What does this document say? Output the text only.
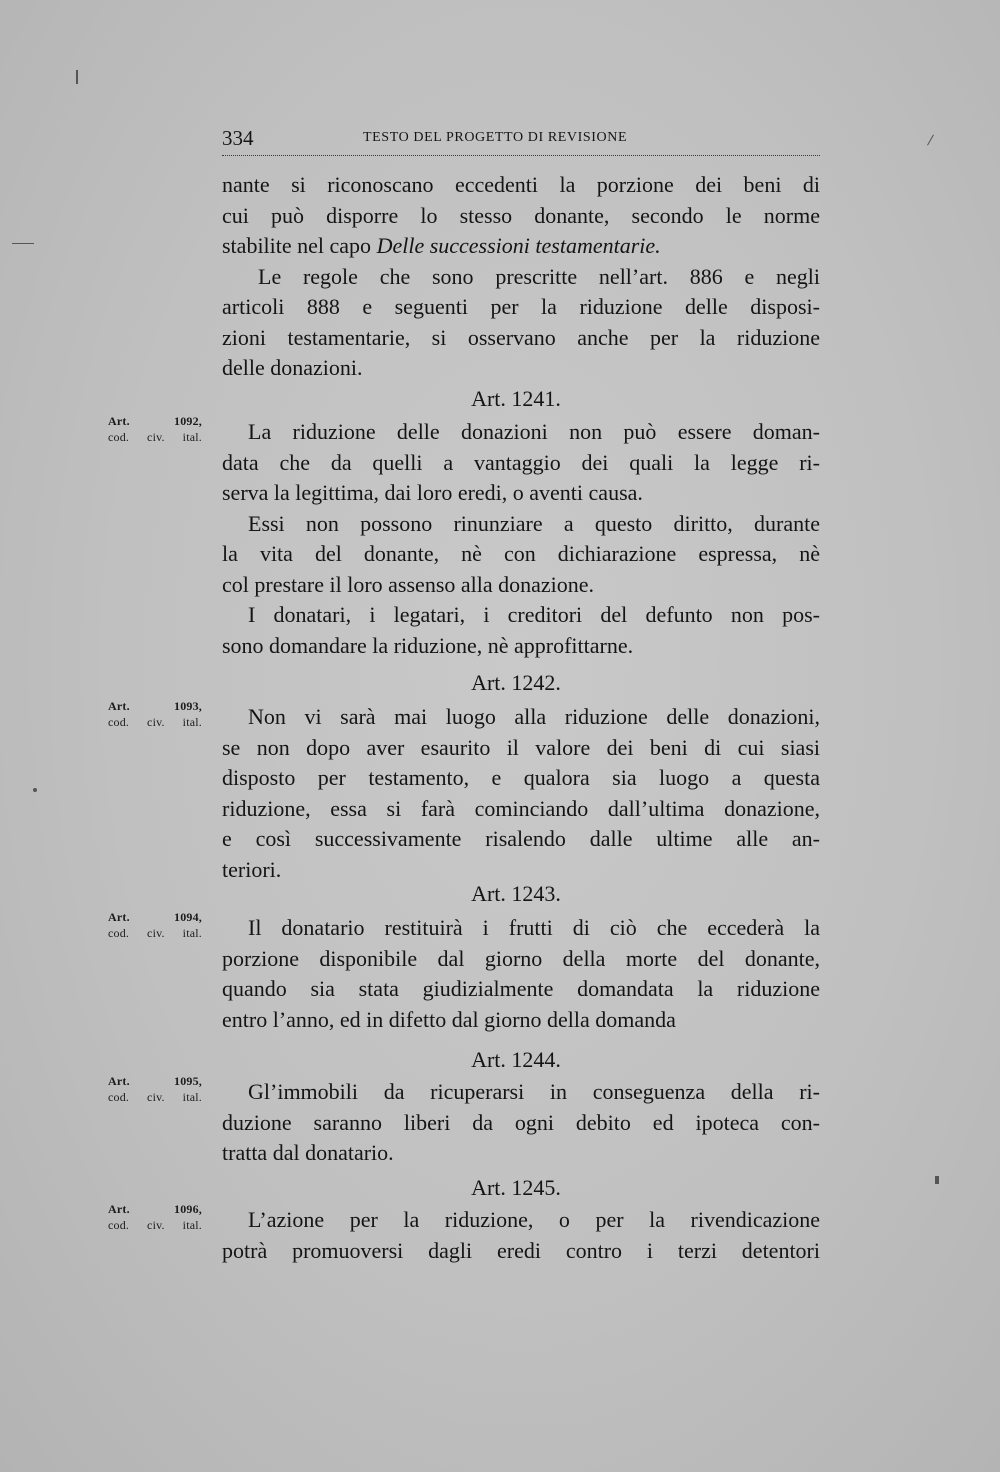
334	TESTO DEL PROGETTO DI REVISIONE
nante si riconoscano eccedenti la porzione dei beni di
cui può disporre lo stesso donante, secondo le norme
stabilite nel capo Delle successioni testamentarie.
Le regole che sono prescritte nell’art. 886 e negli
articoli 888 e seguenti per la riduzione delle disposi-
zioni testamentarie, si osservano anche per la riduzione
delle donazioni.
Art. 1241.
Art. 1092,
cod. civ. ital. La riduzione delle donazioni non può essere doman-
data che da quelli a vantaggio dei quali la legge ri-
serva la legittima, dai loro eredi, o aventi causa.
Essi non possono rinunziare a questo diritto, durante
la vita del donante, nè con dichiarazione espressa, nè
col prestare il loro assenso alla donazione.
I donatari, i legatari, i creditori del defunto non pos-
sono domandare la riduzione, nè approfittarne.
Art. 1242.
Art. 1093,
cod. civ. ital. Non vi sarà mai luogo alla riduzione delle donazioni,
se non dopo aver esaurito il valore dei beni di cui siasi
disposto per testamento, e qualora sia luogo a questa
riduzione, essa si farà cominciando dall’ultima donazione,
e così successivamente risalendo dalle ultime alle an-
teriori.
Art. 1243.
Art. 1094,
cod. civ. ital. Il donatario restituirà i frutti di ciò che eccederà la
porzione disponibile dal giorno della morte del donante,
quando sia stata giudizialmente domandata la riduzione
entro l’anno, ed in difetto dal giorno della domanda
Art. 1244.
Art. 1095,
cod. civ. ital. Gl’immobili da ricuperarsi in conseguenza della ri-
duzione saranno liberi da ogni debito ed ipoteca con-
tratta dal donatario.
Art. 1245.
Art. 1096,
cod. civ. ital. L’azione per la riduzione, o per la rivendicazione
potrà promuoversi dagli eredi contro i terzi detentori
